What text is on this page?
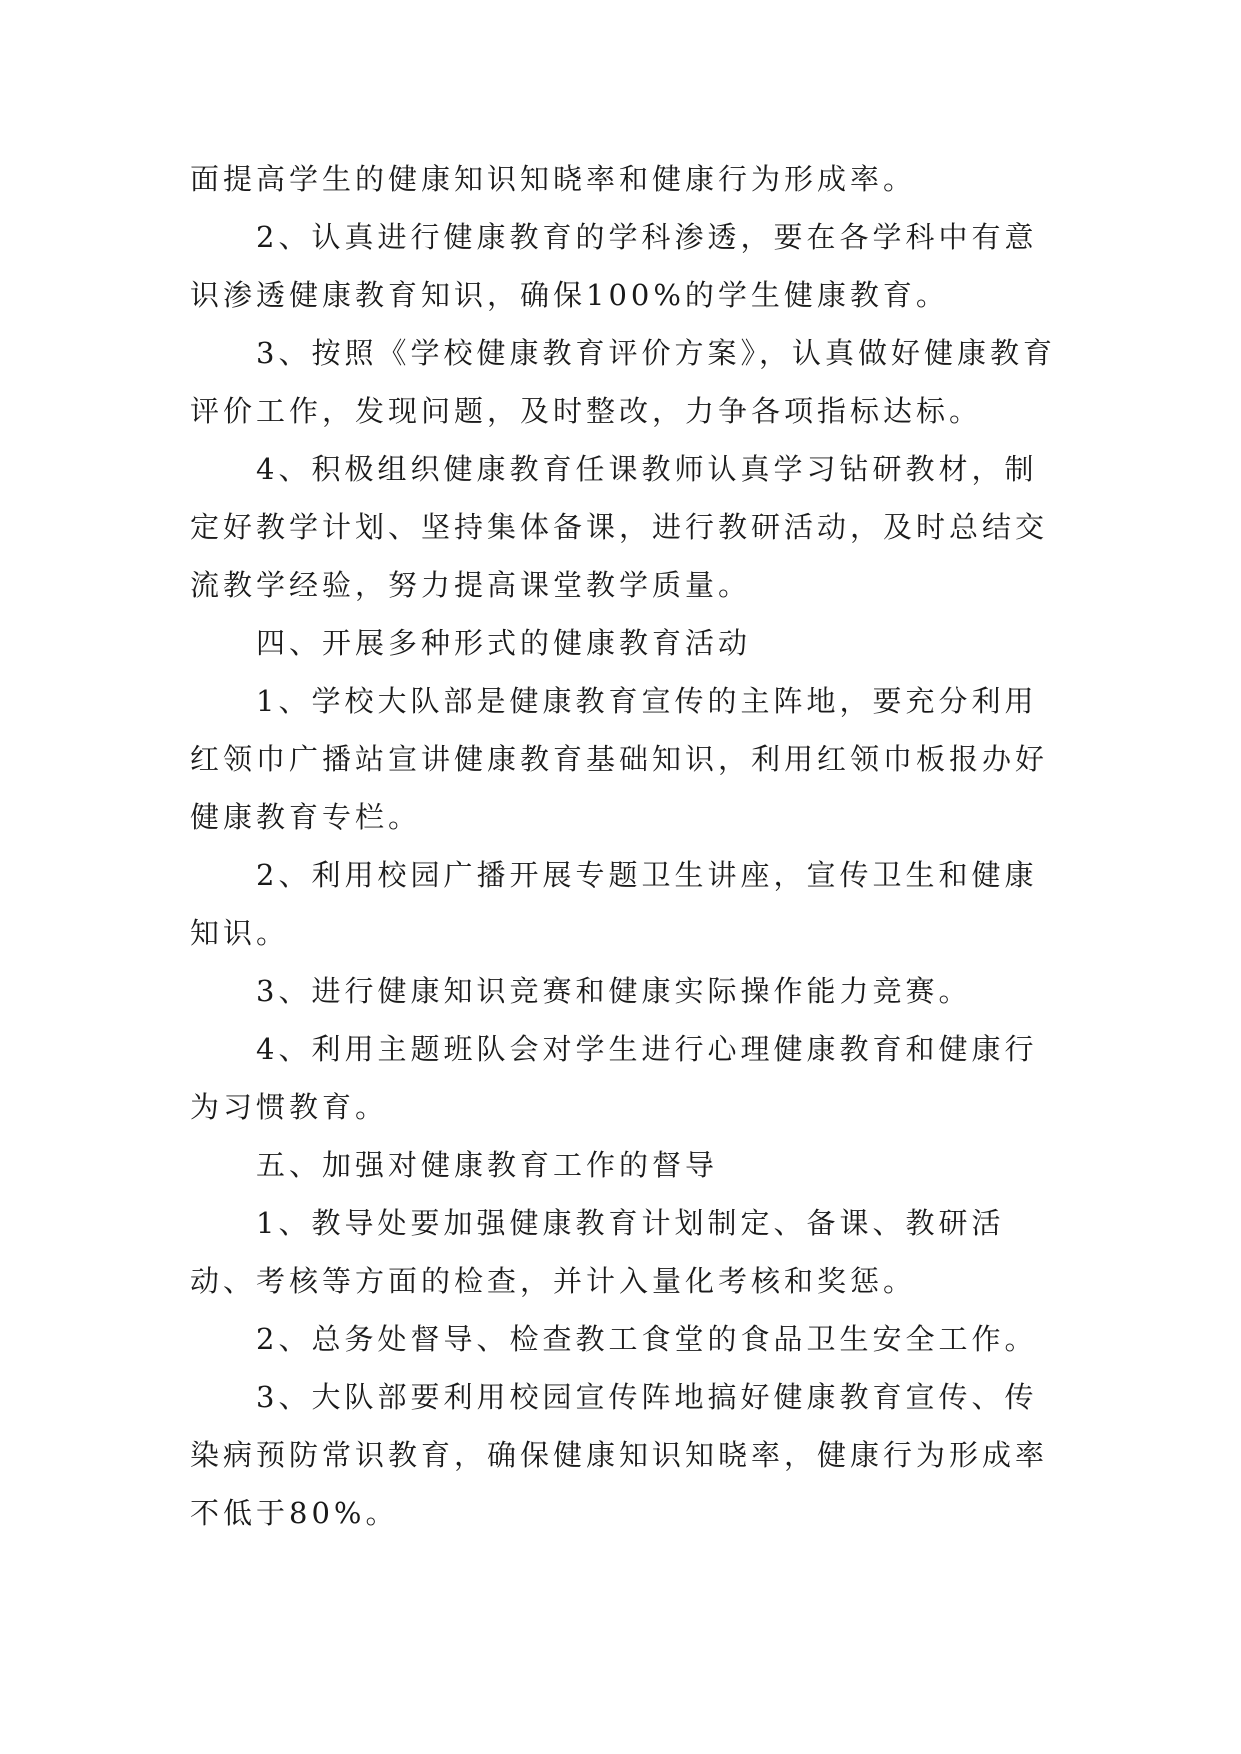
面提高学生的健康知识知晓率和健康行为形成率。

2、认真进行健康教育的学科渗透，要在各学科中有意识渗透健康教育知识，确保100%的学生健康教育。

3、按照《学校健康教育评价方案》，认真做好健康教育评价工作，发现问题，及时整改，力争各项指标达标。

4、积极组织健康教育任课教师认真学习钻研教材，制定好教学计划、坚持集体备课，进行教研活动，及时总结交流教学经验，努力提高课堂教学质量。

四、开展多种形式的健康教育活动

1、学校大队部是健康教育宣传的主阵地，要充分利用红领巾广播站宣讲健康教育基础知识，利用红领巾板报办好健康教育专栏。

2、利用校园广播开展专题卫生讲座，宣传卫生和健康知识。

3、进行健康知识竞赛和健康实际操作能力竞赛。

4、利用主题班队会对学生进行心理健康教育和健康行为习惯教育。

五、加强对健康教育工作的督导

1、教导处要加强健康教育计划制定、备课、教研活动、考核等方面的检查，并计入量化考核和奖惩。

2、总务处督导、检查教工食堂的食品卫生安全工作。

3、大队部要利用校园宣传阵地搞好健康教育宣传、传染病预防常识教育，确保健康知识知晓率，健康行为形成率不低于80%。
